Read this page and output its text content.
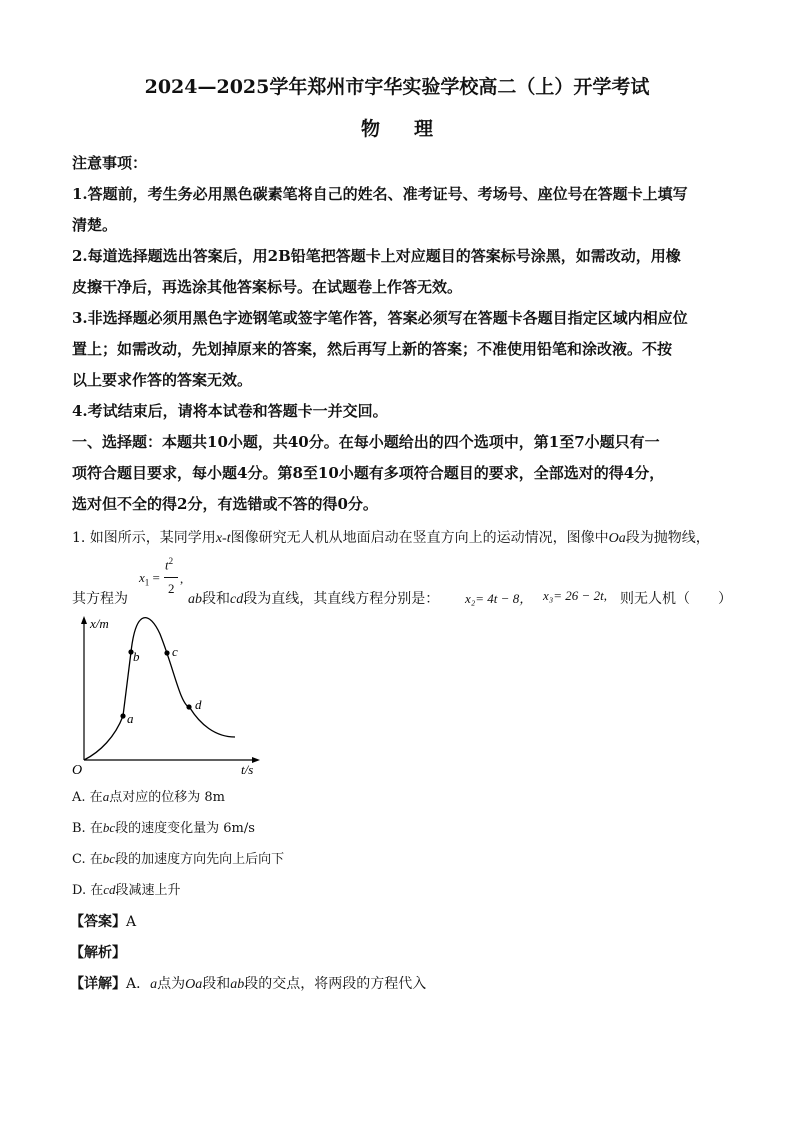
2024—2025学年郑州市宇华实验学校高二（上）开学考试
物理
注意事项：
1.答题前，考生务必用黑色碳素笔将自己的姓名、准考证号、考场号、座位号在答题卡上填写
清楚。
2.每道选择题选出答案后，用2B铅笔把答题卡上对应题目的答案标号涂黑，如需改动，用橡
皮擦干净后，再选涂其他答案标号。在试题卷上作答无效。
3.非选择题必须用黑色字迹钢笔或签字笔作答，答案必须写在答题卡各题目指定区域内相应位
置上；如需改动，先划掉原来的答案，然后再写上新的答案；不准使用铅笔和涂改液。不按
以上要求作答的答案无效。
4.考试结束后，请将本试卷和答题卡一并交回。
一、选择题：本题共10小题，共40分。在每小题给出的四个选项中，第1至7小题只有一
项符合题目要求，每小题4分。第8至10小题有多项符合题目的要求，全部选对的得4分，
选对但不全的得2分，有选错或不答的得0分。
1. 如图所示，某同学用x-t图像研究无人机从地面启动在竖直方向上的运动情况，图像中Oa段为抛物线，
其方程为
$x_1$ =
$t^2$
2
,
ab段和cd段为直线，其直线方程分别是： x₂= 4t − 8， x₃= 26 − 2t, 则无人机（ ）
a
b	c
d
x/m
t/s
O
A. 在a点对应的位移为 8m
B. 在bc段的速度变化量为 6m/s
C. 在bc段的加速度方向先向上后向下
D. 在cd段减速上升
【答案】A
【解析】
【详解】A．a点为Oa段和ab段的交点，将两段的方程代入
